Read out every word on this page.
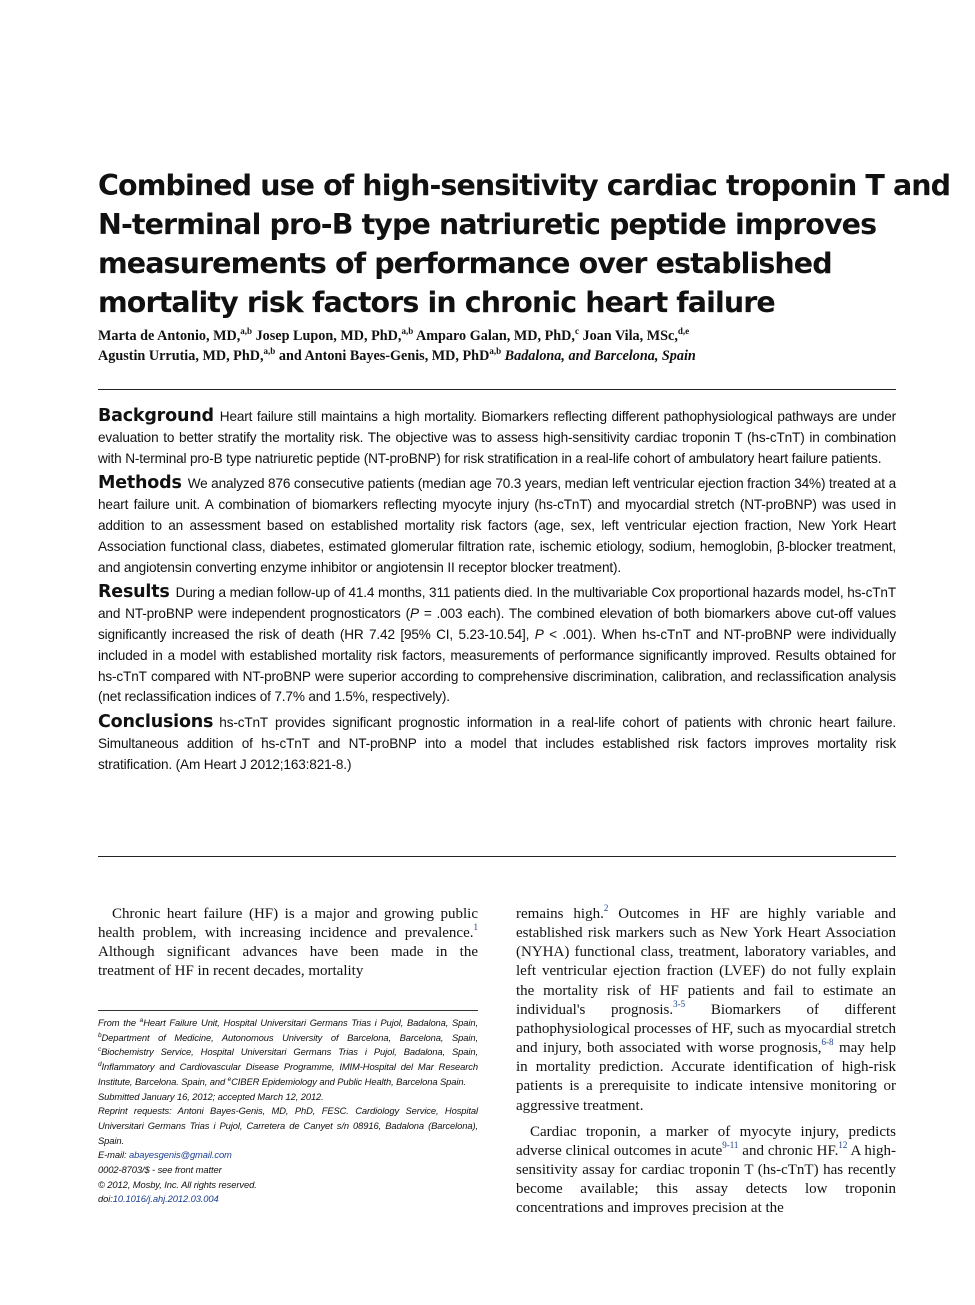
Combined use of high-sensitivity cardiac troponin T and
N-terminal pro-B type natriuretic peptide improves
measurements of performance over established
mortality risk factors in chronic heart failure
Marta de Antonio, MD,$^{a,b}$ Josep Lupon, MD, PhD,$^{a,b}$ Amparo Galan, MD, PhD,$^c$ Joan Vila, MSc,$^{d,e}$
Agustin Urrutia, MD, PhD,$^{a,b}$ and Antoni Bayes-Genis, MD, PhD$^{a,b}$ Badalona, and Barcelona, Spain

Background Heart failure still maintains a high mortality. Biomarkers reflecting different pathophysiological pathways are under evaluation to better stratify the mortality risk. The objective was to assess high-sensitivity cardiac troponin T (hs-cTnT) in combination with N-terminal pro-B type natriuretic peptide (NT-proBNP) for risk stratification in a real-life cohort of ambulatory heart failure patients.

Methods We analyzed 876 consecutive patients (median age 70.3 years, median left ventricular ejection fraction 34%) treated at a heart failure unit. A combination of biomarkers reflecting myocyte injury (hs-cTnT) and myocardial stretch (NT-proBNP) was used in addition to an assessment based on established mortality risk factors (age, sex, left ventricular ejection fraction, New York Heart Association functional class, diabetes, estimated glomerular filtration rate, ischemic etiology, sodium, hemoglobin, β-blocker treatment, and angiotensin converting enzyme inhibitor or angiotensin II receptor blocker treatment).

Results During a median follow-up of 41.4 months, 311 patients died. In the multivariable Cox proportional hazards model, hs-cTnT and NT-proBNP were independent prognosticators (P = .003 each). The combined elevation of both biomarkers above cut-off values significantly increased the risk of death (HR 7.42 [95% CI, 5.23-10.54], P < .001). When hs-cTnT and NT-proBNP were individually included in a model with established mortality risk factors, measurements of performance significantly improved. Results obtained for hs-cTnT compared with NT-proBNP were superior according to comprehensive discrimination, calibration, and reclassification analysis (net reclassification indices of 7.7% and 1.5%, respectively).

Conclusions hs-cTnT provides significant prognostic information in a real-life cohort of patients with chronic heart failure. Simultaneous addition of hs-cTnT and NT-proBNP into a model that includes established risk factors improves mortality risk stratification. (Am Heart J 2012;163:821-8.)

Chronic heart failure (HF) is a major and growing public health problem, with increasing incidence and prevalence.$^1$ Although significant advances have been made in the treatment of HF in recent decades, mortality

From the $^a$Heart Failure Unit, Hospital Universitari Germans Trias i Pujol, Badalona, Spain, $^b$Department of Medicine, Autonomous University of Barcelona, Barcelona, Spain, $^c$Biochemistry Service, Hospital Universitari Germans Trias i Pujol, Badalona, Spain, $^d$Inflammatory and Cardiovascular Disease Programme, IMIM-Hospital del Mar Research Institute, Barcelona. Spain, and $^e$CIBER Epidemiology and Public Health, Barcelona Spain.

Submitted January 16, 2012; accepted March 12, 2012.

Reprint requests: Antoni Bayes-Genis, MD, PhD, FESC. Cardiology Service, Hospital Universitari Germans Trias i Pujol, Carretera de Canyet s/n 08916, Badalona (Barcelona), Spain.

E-mail: abayesgenis@gmail.com

0002-8703/$ - see front matter

© 2012, Mosby, Inc. All rights reserved.

doi:10.1016/j.ahj.2012.03.004

remains high.$^2$ Outcomes in HF are highly variable and established risk markers such as New York Heart Association (NYHA) functional class, treatment, laboratory variables, and left ventricular ejection fraction (LVEF) do not fully explain the mortality risk of HF patients and fail to estimate an individual's prognosis.$^{3-5}$ Biomarkers of different pathophysiological processes of HF, such as myocardial stretch and injury, both associated with worse prognosis,$^{6-8}$ may help in mortality prediction. Accurate identification of high-risk patients is a prerequisite to indicate intensive monitoring or aggressive treatment.

Cardiac troponin, a marker of myocyte injury, predicts adverse clinical outcomes in acute$^{9-11}$ and chronic HF.$^{12}$ A high-sensitivity assay for cardiac troponin T (hs-cTnT) has recently become available; this assay detects low troponin concentrations and improves precision at the
